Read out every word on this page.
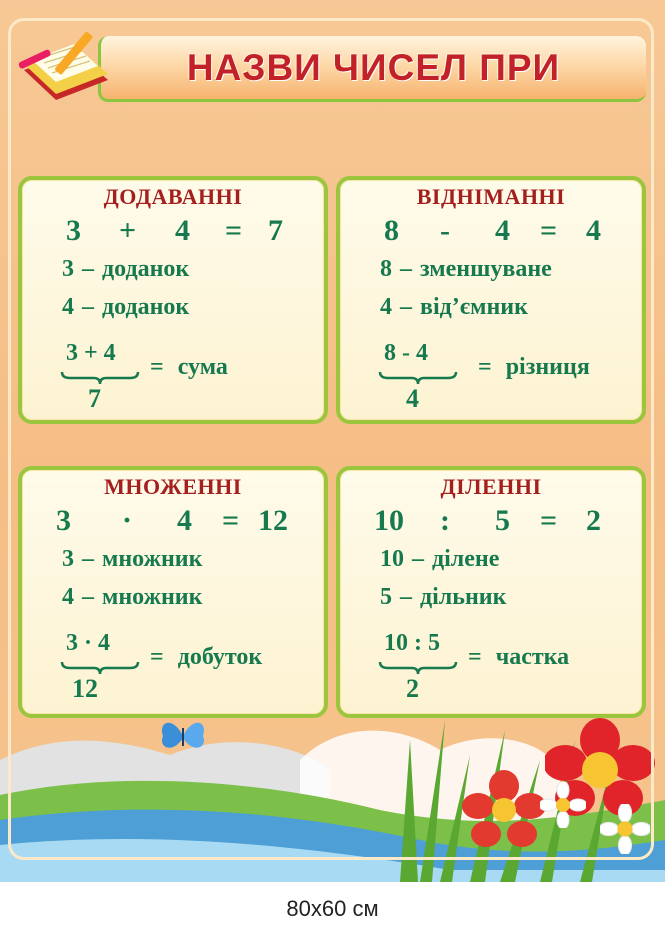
НАЗВИ ЧИСЕЛ ПРИ
ДОДАВАННІ
3 + 4 = 7
3 – доданок
4 – доданок
3 + 4
7
= сума
ВІДНІМАННІ
8 - 4 = 4
8 – зменшуване
4 – від’ємник
8 - 4
4
= різниця
МНОЖЕННІ
3 · 4 = 12
3 – множник
4 – множник
3 · 4
12
= добуток
ДІЛЕННІ
10 : 5 = 2
10 – ділене
5 – дільник
10 : 5
2
= частка
80х60 см
